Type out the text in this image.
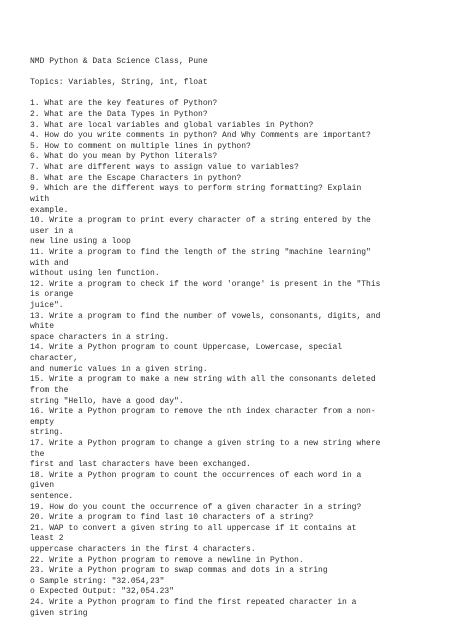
NMD Python & Data Science Class, Pune
Topics: Variables, String, int, float
1. What are the key features of Python?
2. What are the Data Types in Python?
3. What are local variables and global variables in Python?
4. How do you write comments in python? And Why Comments are important?
5. How to comment on multiple lines in python?
6. What do you mean by Python literals?
7. What are different ways to assign value to variables?
8. What are the Escape Characters in python?
9. Which are the different ways to perform string formatting? Explain
with
example.
10. Write a program to print every character of a string entered by the
user in a
new line using a loop
11. Write a program to find the length of the string "machine learning"
with and
without using len function.
12. Write a program to check if the word 'orange' is present in the "This
is orange
juice".
13. Write a program to find the number of vowels, consonants, digits, and
white
space characters in a string.
14. Write a Python program to count Uppercase, Lowercase, special
character,
and numeric values in a given string.
15. Write a program to make a new string with all the consonants deleted
from the
string "Hello, have a good day".
16. Write a Python program to remove the nth index character from a non-
empty
string.
17. Write a Python program to change a given string to a new string where
the
first and last characters have been exchanged.
18. Write a Python program to count the occurrences of each word in a
given
sentence.
19. How do you count the occurrence of a given character in a string?
20. Write a program to find last 10 characters of a string?
21. WAP to convert a given string to all uppercase if it contains at
least 2
uppercase characters in the first 4 characters.
22. Write a Python program to remove a newline in Python.
23. Write a Python program to swap commas and dots in a string
o Sample string: "32.054,23"
o Expected Output: "32,054.23"
24. Write a Python program to find the first repeated character in a
given string
